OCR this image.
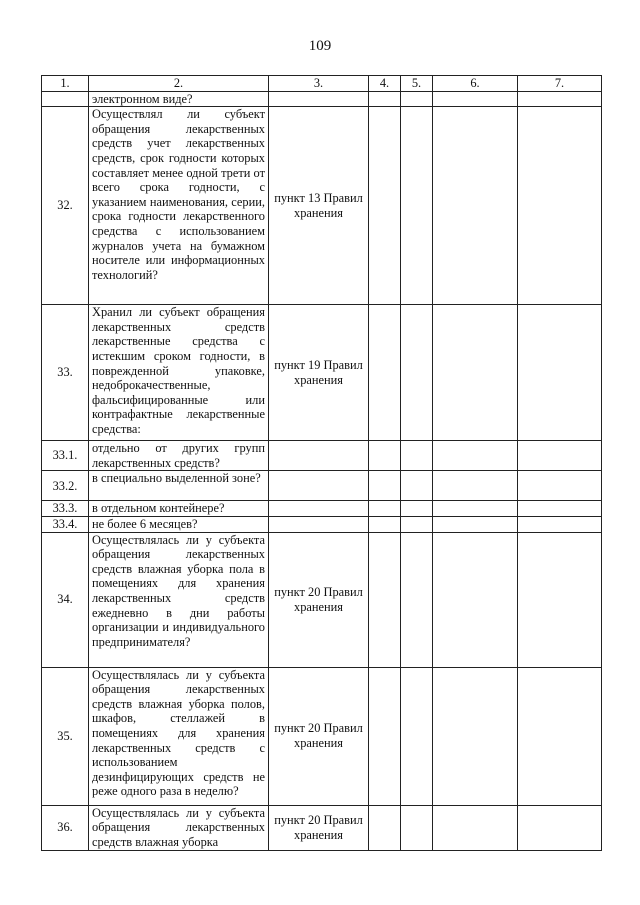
109
1.	2.	3.	4.	5.	6.	7.
	электронном виде?					
32.	Осуществлял ли субъект обращения лекарственных средств учет лекарственных средств, срок годности которых составляет менее одной трети от всего срока годности, с указанием наименования, серии, срока годности лекарственного средства с использованием журналов учета на бумажном носителе или информационных технологий?	пункт 13 Правил хранения				
33.	Хранил ли субъект обращения лекарственных средств лекарственные средства с истекшим сроком годности, в поврежденной упаковке, недоброкачественные, фальсифицированные или контрафактные лекарственные средства:	пункт 19 Правил хранения				
33.1.	отдельно от других групп лекарственных средств?					
33.2.	в специально выделенной зоне?					
33.3.	в отдельном контейнере?					
33.4.	не более 6 месяцев?					
34.	Осуществлялась ли у субъекта обращения лекарственных средств влажная уборка пола в помещениях для хранения лекарственных средств ежедневно в дни работы организации и индивидуального предпринимателя?	пункт 20 Правил хранения				
35.	Осуществлялась ли у субъекта обращения лекарственных средств влажная уборка полов, шкафов, стеллажей в помещениях для хранения лекарственных средств с использованием дезинфицирующих средств не реже одного раза в неделю?	пункт 20 Правил хранения				
36.	Осуществлялась ли у субъекта обращения лекарственных средств влажная уборка	пункт 20 Правил хранения				
